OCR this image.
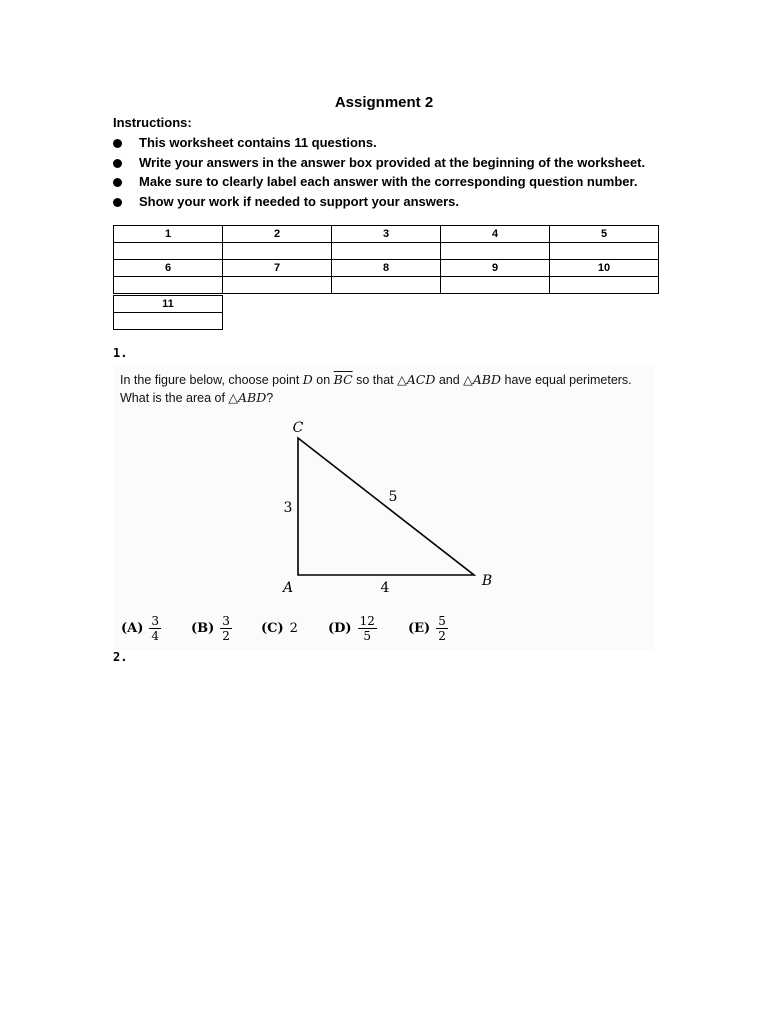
Assignment 2
Instructions:
This worksheet contains 11 questions.
Write your answers in the answer box provided at the beginning of the worksheet.
Make sure to clearly label each answer with the corresponding question number.
Show your work if needed to support your answers.
1	2	3	4	5

6	7	8	9	10

11

1.
In the figure below, choose point D on $\overline{BC}$ so that △ACD and △ABD have equal perimeters. What is the area of △ABD?
C
A	B
3
5
4
$(A) \frac{3}{4} (B) \frac{3}{2} (C)$ 2 $(D) \frac{12}{5} (E) \frac{5}{2}$
2.
